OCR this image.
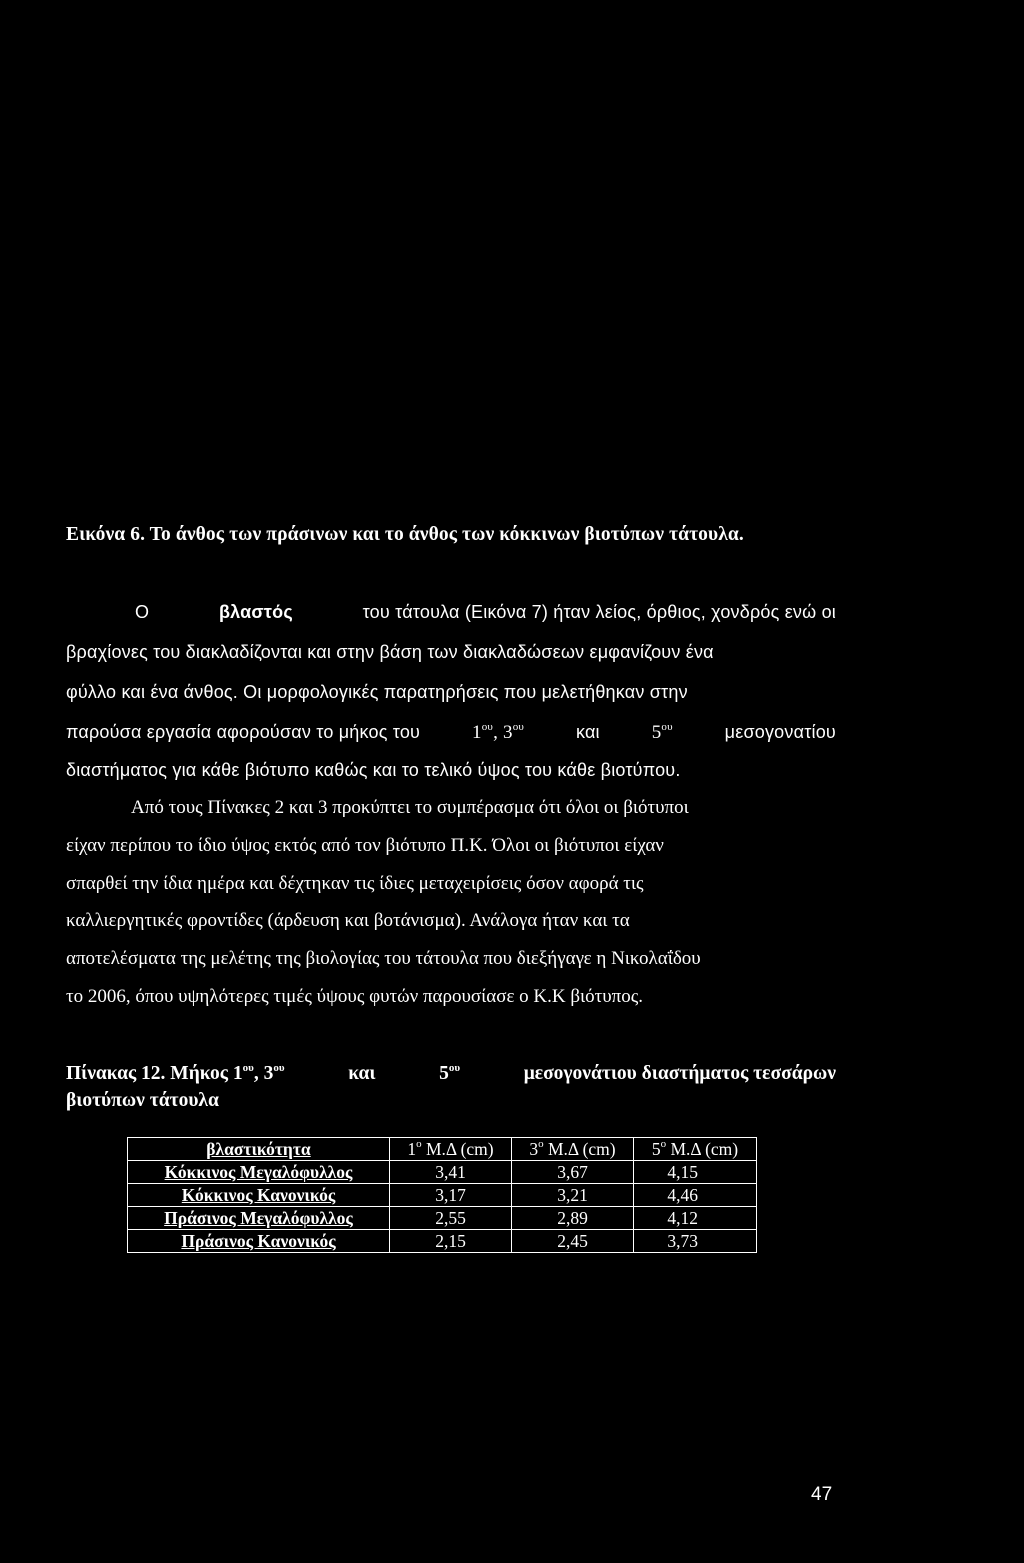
Εικόνα 6. Το άνθος των πράσινων και το άνθος των κόκκινων βιοτύπων τάτουλα.
Ο	βλαστός	του τάτουλα (Εικόνα 7) ήταν λείος, όρθιος, χονδρός ενώ οι
βραχίονες του διακλαδίζονται και στην βάση των διακλαδώσεων εμφανίζουν ένα
φύλλο και ένα άνθος. Οι μορφολογικές παρατηρήσεις που μελετήθηκαν στην
παρούσα εργασία αφορούσαν το μήκος του	$1^{o\upsilon}$, $3^{o\upsilon}$	και	$5^{o\upsilon}$	μεσογονατίου
διαστήματος για κάθε βιότυπο καθώς και το τελικό ύψος του κάθε βιοτύπου.
Από τους Πίνακες 2 και 3 προκύπτει το συμπέρασμα ότι όλοι οι βιότυποι
είχαν περίπου το ίδιο ύψος εκτός από τον βιότυπο Π.Κ. Όλοι οι βιότυποι είχαν
σπαρθεί την ίδια ημέρα και δέχτηκαν τις ίδιες μεταχειρίσεις όσον αφορά τις
καλλιεργητικές φροντίδες (άρδευση και βοτάνισμα). Ανάλογα ήταν και τα
αποτελέσματα της μελέτης της βιολογίας του τάτουλα που διεξήγαγε η Νικολαΐδου
το 2006, όπου υψηλότερες τιμές ύψους φυτών παρουσίασε ο Κ.Κ βιότυπος.
Πίνακας 12. Μήκος $1^{o\upsilon}$, $3^{o\upsilon}$	και	$5^{o\upsilon}$	μεσογονάτιου διαστήματος τεσσάρων
βιοτύπων τάτουλα
βλαστικότητα	$1^o$ Μ.Δ (cm)	$3^o$ Μ.Δ (cm)	$5^o$ Μ.Δ (cm)
Κόκκινος Μεγαλόφυλλος	3,41	3,67	4,15
Κόκκινος Κανονικός	3,17	3,21	4,46
Πράσινος Μεγαλόφυλλος	2,55	2,89	4,12
Πράσινος Κανονικός	2,15	2,45	3,73
47
